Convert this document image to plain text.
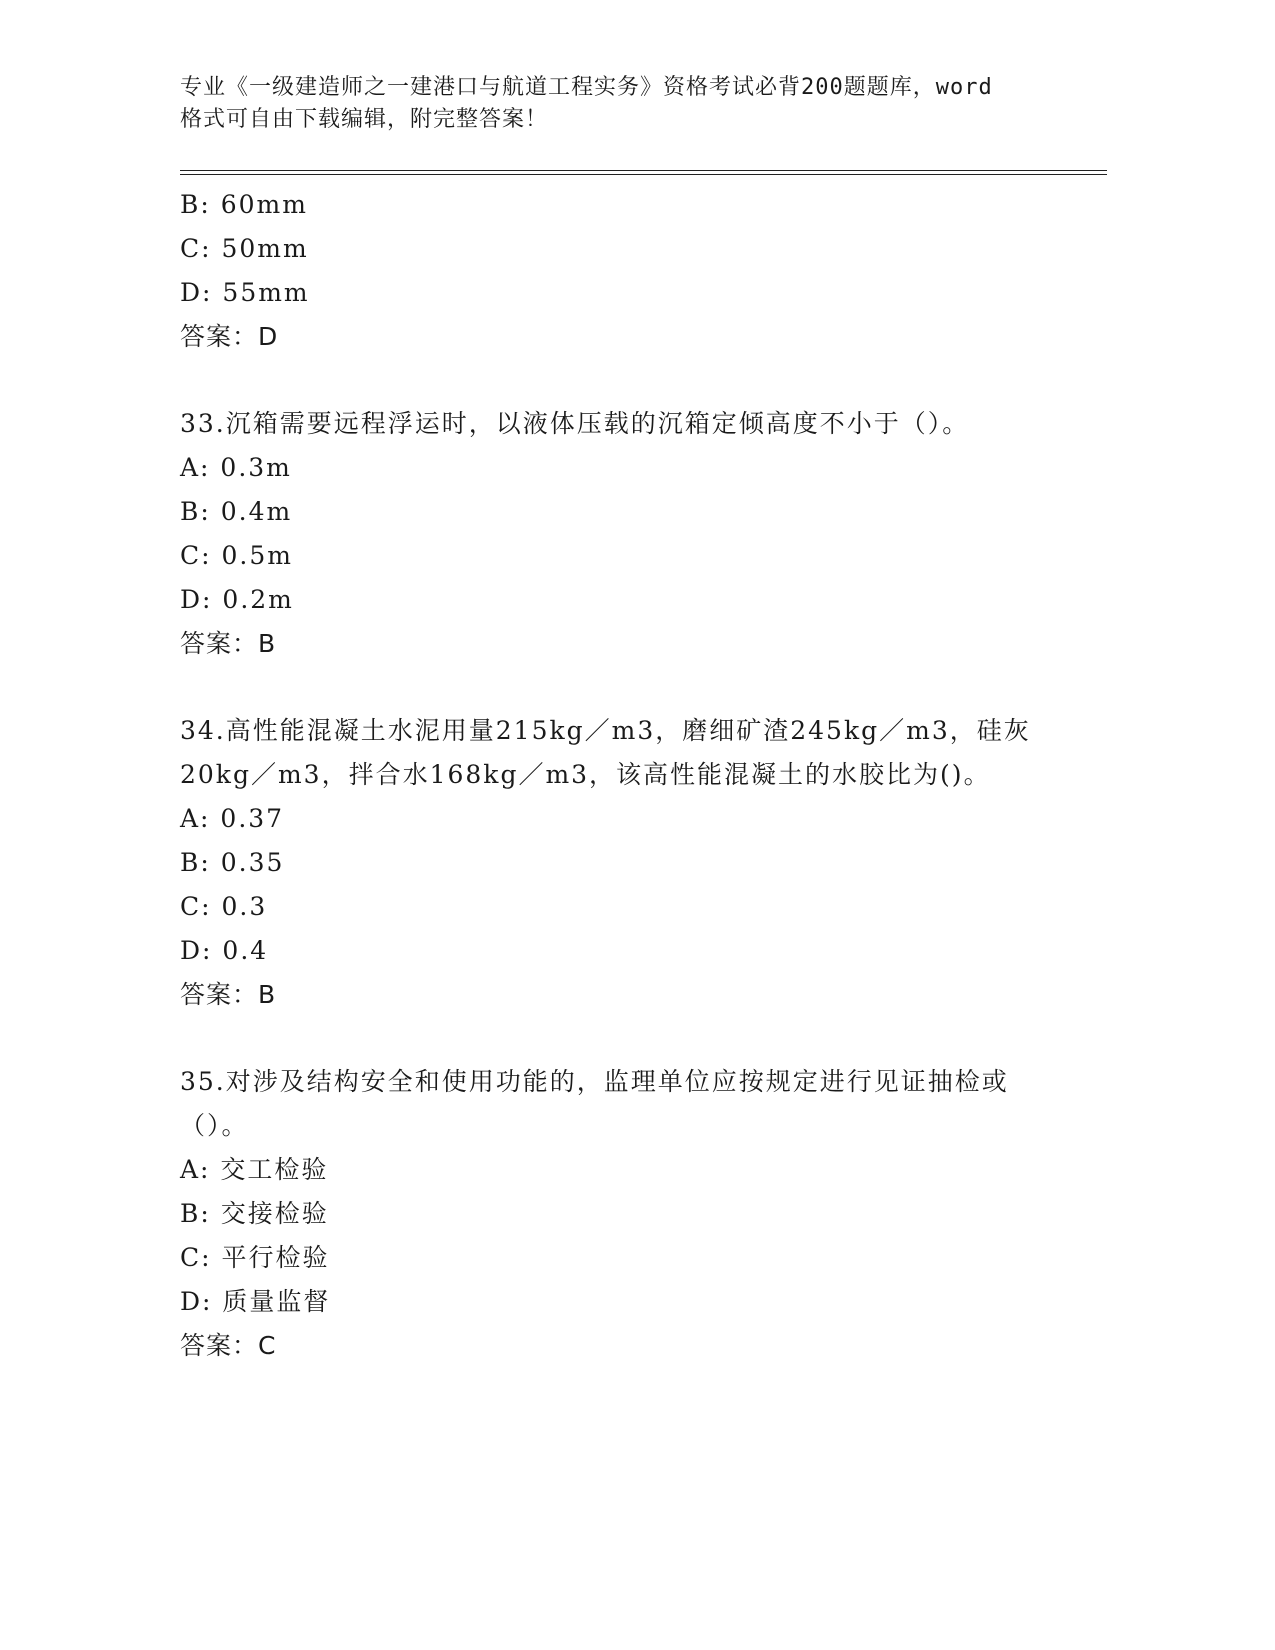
专业《一级建造师之一建港口与航道工程实务》资格考试必背200题题库，word
格式可自由下载编辑，附完整答案！
B: 60mm
C: 50mm
D: 55mm
答案：D
33.沉箱需要远程浮运时，以液体压载的沉箱定倾高度不小于（）。
A: 0.3m
B: 0.4m
C: 0.5m
D: 0.2m
答案：B
34.高性能混凝土水泥用量215kg／m3，磨细矿渣245kg／m3，硅灰
20kg／m3，拌合水168kg／m3，该高性能混凝土的水胶比为()。
A: 0.37
B: 0.35
C: 0.3
D: 0.4
答案：B
35.对涉及结构安全和使用功能的，监理单位应按规定进行见证抽检或
（）。
A: 交工检验
B: 交接检验
C: 平行检验
D: 质量监督
答案：C
